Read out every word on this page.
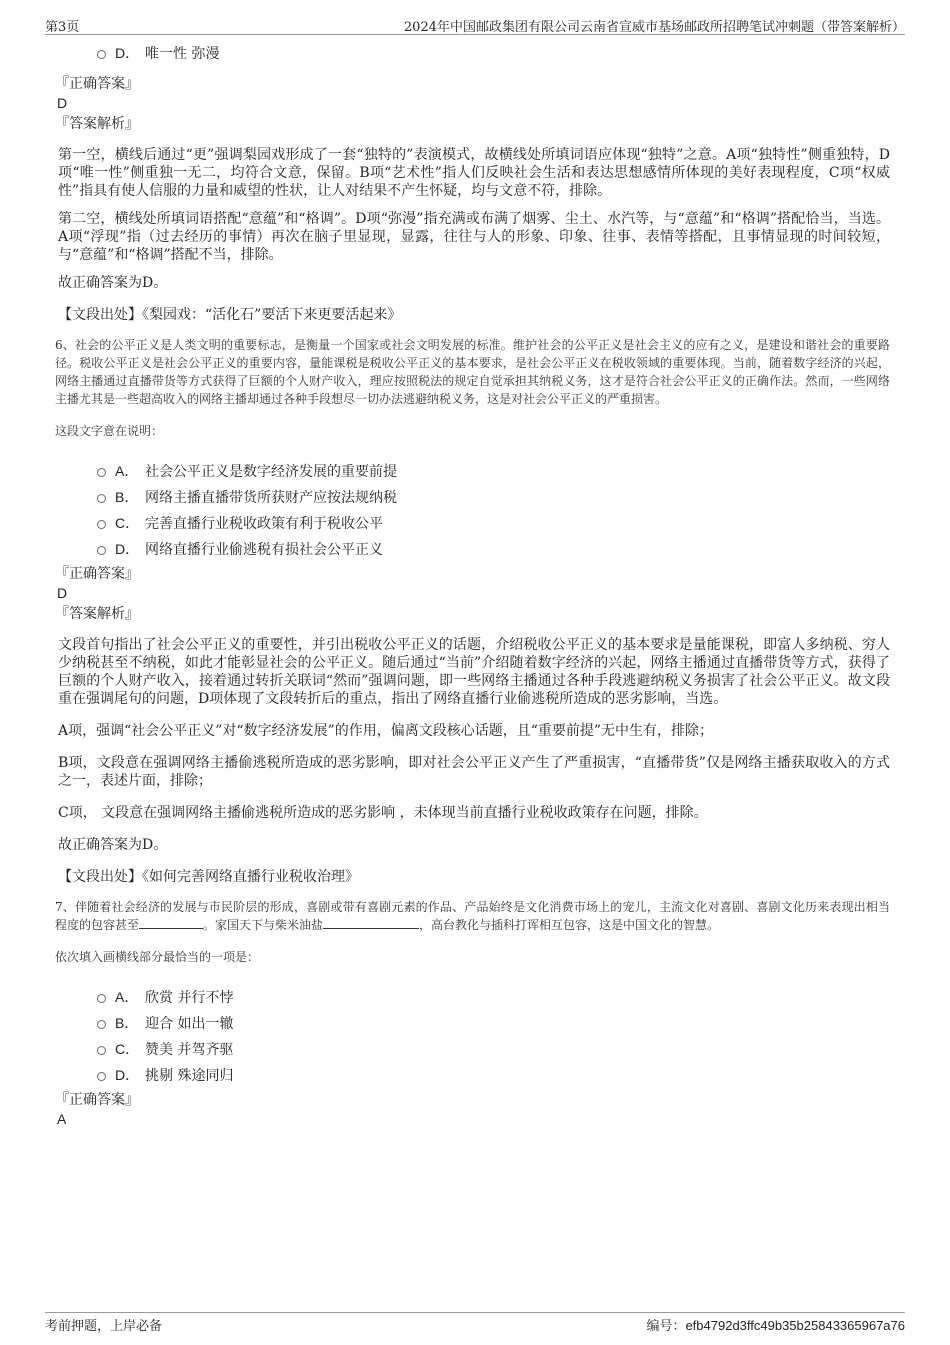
第3页	2024年中国邮政集团有限公司云南省宣威市基场邮政所招聘笔试冲刺题（带答案解析）
D． 唯一性 弥漫
『正确答案』
D
『答案解析』

第一空，横线后通过“更”强调梨园戏形成了一套“独特的”表演模式，故横线处所填词语应体现“独特”之意。A项“独特性”侧重独特，D项“唯一性”侧重独一无二，均符合文意，保留。B项“艺术性”指人们反映社会生活和表达思想感情所体现的美好表现程度，C项“权威性”指具有使人信服的力量和威望的性状，让人对结果不产生怀疑，均与文意不符，排除。

第二空，横线处所填词语搭配“意蕴”和“格调”。D项“弥漫”指充满或布满了烟雾、尘土、水汽等，与“意蕴”和“格调”搭配恰当，当选。A项“浮现”指（过去经历的事情）再次在脑子里显现，显露，往往与人的形象、印象、往事、表情等搭配，且事情显现的时间较短，与“意蕴”和“格调”搭配不当，排除。

故正确答案为D。

【文段出处】《梨园戏：“活化石”要活下来更要活起来》

6、社会的公平正义是人类文明的重要标志，是衡量一个国家或社会文明发展的标准。维护社会的公平正义是社会主义的应有之义，是建设和谐社会的重要路径。税收公平正义是社会公平正义的重要内容，量能课税是税收公平正义的基本要求，是社会公平正义在税收领域的重要体现。当前，随着数字经济的兴起，网络主播通过直播带货等方式获得了巨额的个人财产收入，理应按照税法的规定自觉承担其纳税义务，这才是符合社会公平正义的正确作法。然而，一些网络主播尤其是一些超高收入的网络主播却通过各种手段想尽一切办法逃避纳税义务，这是对社会公平正义的严重损害。

这段文字意在说明：

A． 社会公平正义是数字经济发展的重要前提
B． 网络主播直播带货所获财产应按法规纳税
C． 完善直播行业税收政策有利于税收公平
D． 网络直播行业偷逃税有损社会公平正义
『正确答案』
D
『答案解析』

文段首句指出了社会公平正义的重要性，并引出税收公平正义的话题，介绍税收公平正义的基本要求是量能课税，即富人多纳税、穷人少纳税甚至不纳税，如此才能彰显社会的公平正义。随后通过“当前”介绍随着数字经济的兴起，网络主播通过直播带货等方式，获得了巨额的个人财产收入，接着通过转折关联词“然而”强调问题，即一些网络主播通过各种手段逃避纳税义务损害了社会公平正义。故文段重在强调尾句的问题，D项体现了文段转折后的重点，指出了网络直播行业偷逃税所造成的恶劣影响，当选。

A项，强调“社会公平正义”对“数字经济发展”的作用，偏离文段核心话题，且“重要前提”无中生有，排除；

B项，文段意在强调网络主播偷逃税所造成的恶劣影响，即对社会公平正义产生了严重损害，“直播带货”仅是网络主播获取收入的方式之一，表述片面，排除；

C项， 文段意在强调网络主播偷逃税所造成的恶劣影响 ，未体现当前直播行业税收政策存在问题，排除。

故正确答案为D。

【文段出处】《如何完善网络直播行业税收治理》

7、伴随着社会经济的发展与市民阶层的形成，喜剧或带有喜剧元素的作品、产品始终是文化消费市场上的宠儿，主流文化对喜剧、喜剧文化历来表现出相当程度的包容甚至	。家国天下与柴米油盐	，高台教化与插科打诨相互包容，这是中国文化的智慧。

依次填入画横线部分最恰当的一项是：

A． 欣赏 并行不悖
B． 迎合 如出一辙
C． 赞美 并驾齐驱
D． 挑剔 殊途同归
『正确答案』
A
考前押题，上岸必备	编号：efb4792d3ffc49b35b25843365967a76
